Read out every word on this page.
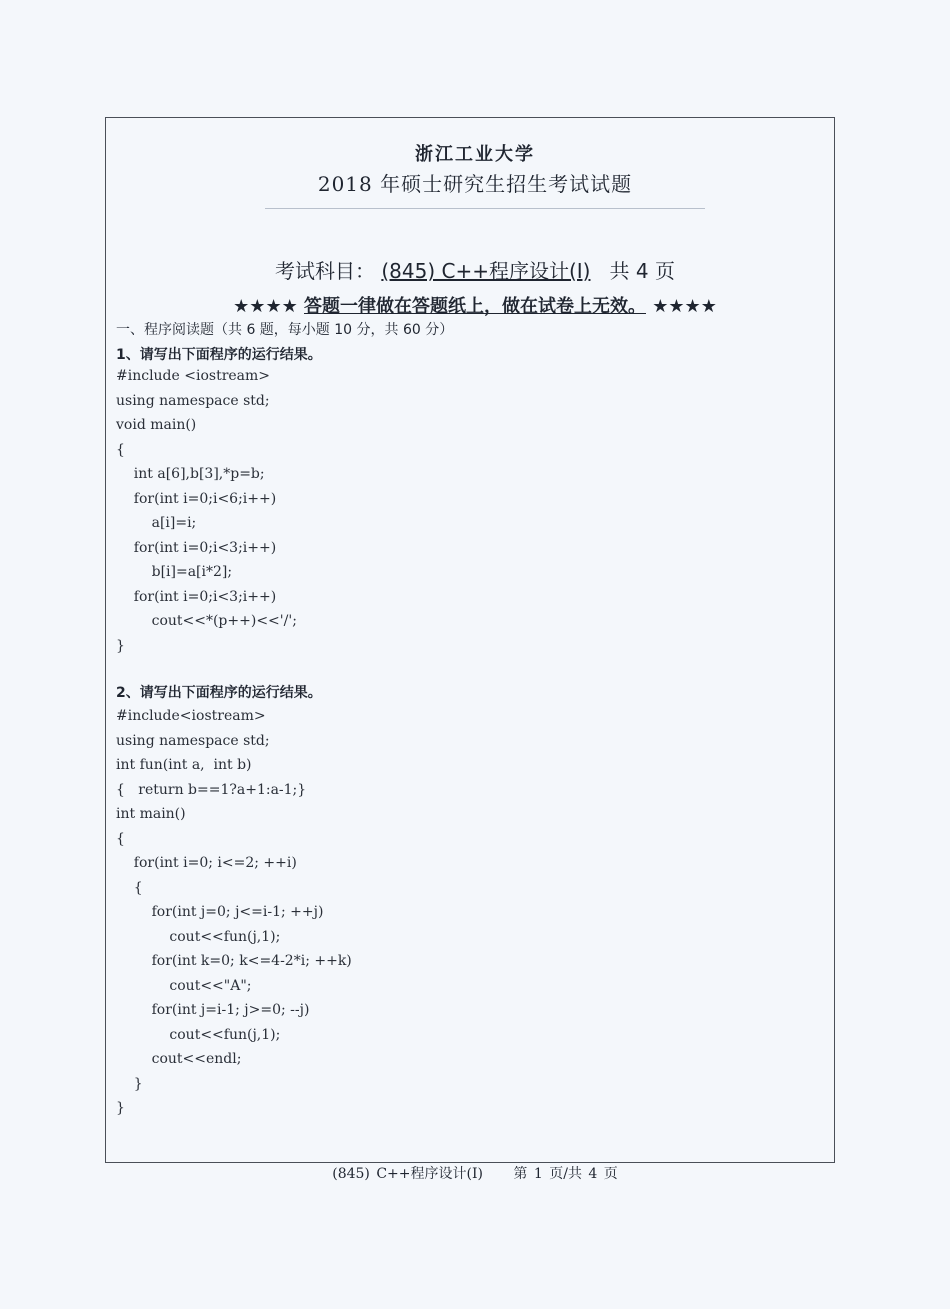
浙江工业大学
2018 年硕士研究生招生考试试题
考试科目： (845) C++程序设计(I) 共 4 页
★★★★ 答题一律做在答题纸上，做在试卷上无效。 ★★★★
一、程序阅读题（共 6 题，每小题 10 分，共 60 分）
1、请写出下面程序的运行结果。
#include <iostream>
using namespace std;
void main()
{
int a[6],b[3],*p=b;
for(int i=0;i<6;i++)
a[i]=i;
for(int i=0;i<3;i++)
b[i]=a[i*2];
for(int i=0;i<3;i++)
cout<<*(p++)<<'/';
}
2、请写出下面程序的运行结果。
#include<iostream>
using namespace std;
int fun(int a,  int b)
{   return b==1?a+1:a-1;}
int main()
{
for(int i=0; i<=2; ++i)
{
for(int j=0; j<=i-1; ++j)
cout<<fun(j,1);
for(int k=0; k<=4-2*i; ++k)
cout<<"A";
for(int j=i-1; j>=0; --j)
cout<<fun(j,1);
cout<<endl;
}
}
(845) C++程序设计(I) 第 1 页/共 4 页
